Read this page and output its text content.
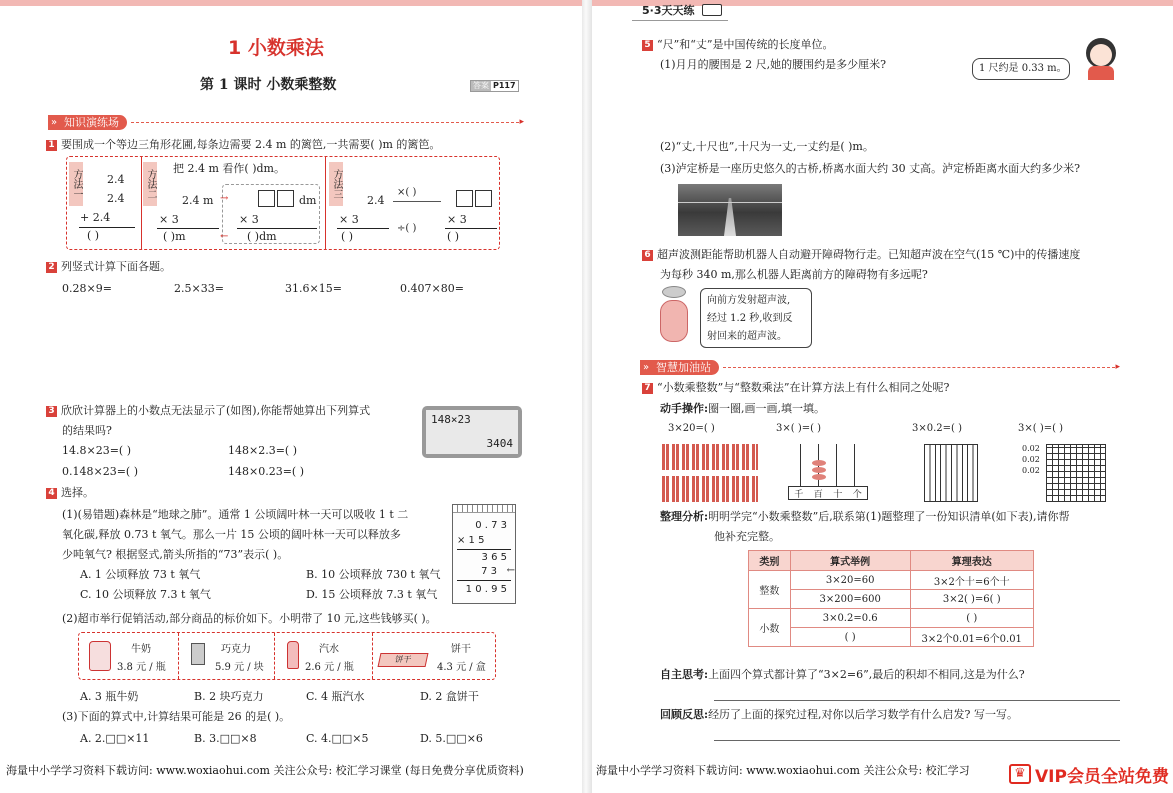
1 小数乘法
第 1 课时 小数乘整数	答案 P117
» 知识演练场	▸
1 要围成一个等边三角形花圃,每条边需要 2.4 m 的篱笆,一共需要( )m 的篱笆。
方法一 2.4
2.4
+ 2.4
( )
方法二
把 2.4 m 看作( )dm。
2.4 m
× 3
( )m
dm
× 3
( )dm
→
←
方法三
2.4
×( )
× 3
÷( )
× 3
( )	( )
2 列竖式计算下面各题。
0.28×9=	2.5×33=	31.6×15=	0.407×80=
3 欣欣计算器上的小数点无法显示了(如图),你能帮她算出下列算式
的结果吗?
148×23
3404
14.8×23=( )	148×2.3=( )
0.148×23=( )	148×0.23=( )
4 选择。
(1)(易错题)森林是“地球之肺”。通常 1 公顷阔叶林一天可以吸收 1 t 二
氧化碳,释放 0.73 t 氧气。那么一片 15 公顷的阔叶林一天可以释放多
少吨氧气? 根据竖式,箭头所指的“73”表示( )。
A. 1 公顷释放 73 t 氧气	B. 10 公顷释放 730 t 氧气
C. 10 公顷释放 7.3 t 氧气	D. 15 公顷释放 7.3 t 氧气
0 . 7 3
× 1 5
3 6 5
7 3 ←
1 0 . 9 5
(2)超市举行促销活动,部分商品的标价如下。小明带了 10 元,这些钱够买( )。
牛奶
3.8 元 / 瓶
巧克力
5.9 元 / 块
汽水
2.6 元 / 瓶
饼干
饼干
4.3 元 / 盒
A. 3 瓶牛奶	B. 2 块巧克力	C. 4 瓶汽水	D. 2 盒饼干
(3)下面的算式中,计算结果可能是 26 的是( )。
A. 2.□□×11	B. 3.□□×8	C. 4.□□×5	D. 5.□□×6
海量中小学学习资料下载访问: www.woxiaohui.com 关注公众号: 校汇学习课堂 (每日免费分享优质资料)
5·3天天练
5 “尺”和“丈”是中国传统的长度单位。
(1)月月的腰围是 2 尺,她的腰围约是多少厘米?	1 尺约是 0.33 m。
(2)“丈,十尺也”,十尺为一丈,一丈约是( )m。
(3)泸定桥是一座历史悠久的古桥,桥离水面大约 30 丈高。泸定桥距离水面大约多少米?
6 超声波测距能帮助机器人自动避开障碍物行走。已知超声波在空气(15 ℃)中的传播速度
为每秒 340 m,那么机器人距离前方的障碍物有多远呢?
向前方发射超声波,
经过 1.2 秒,收到反
射回来的超声波。
» 智慧加油站	▸
7 “小数乘整数”与“整数乘法”在计算方法上有什么相同之处呢?
动手操作:圈一圈,画一画,填一填。
3×20=( )	3×( )=( )	3×0.2=( )	3×( )=( )
千	百	十	个
0.02
0.02
0.02
整理分析:明明学完“小数乘整数”后,联系第(1)题整理了一份知识清单(如下表),请你帮
他补充完整。
类别	算式举例	算理表达
整数	3×20=60	3×2个十=6个十
	3×200=600	3×2( )=6( )
小数	3×0.2=0.6	( )
	( )	3×2个0.01=6个0.01
自主思考:上面四个算式都计算了“3×2=6”,最后的积却不相同,这是为什么?
回顾反思:经历了上面的探究过程,对你以后学习数学有什么启发? 写一写。
海量中小学学习资料下载访问: www.woxiaohui.com 关注公众号: 校汇学习	♛ VIP会员全站免费
